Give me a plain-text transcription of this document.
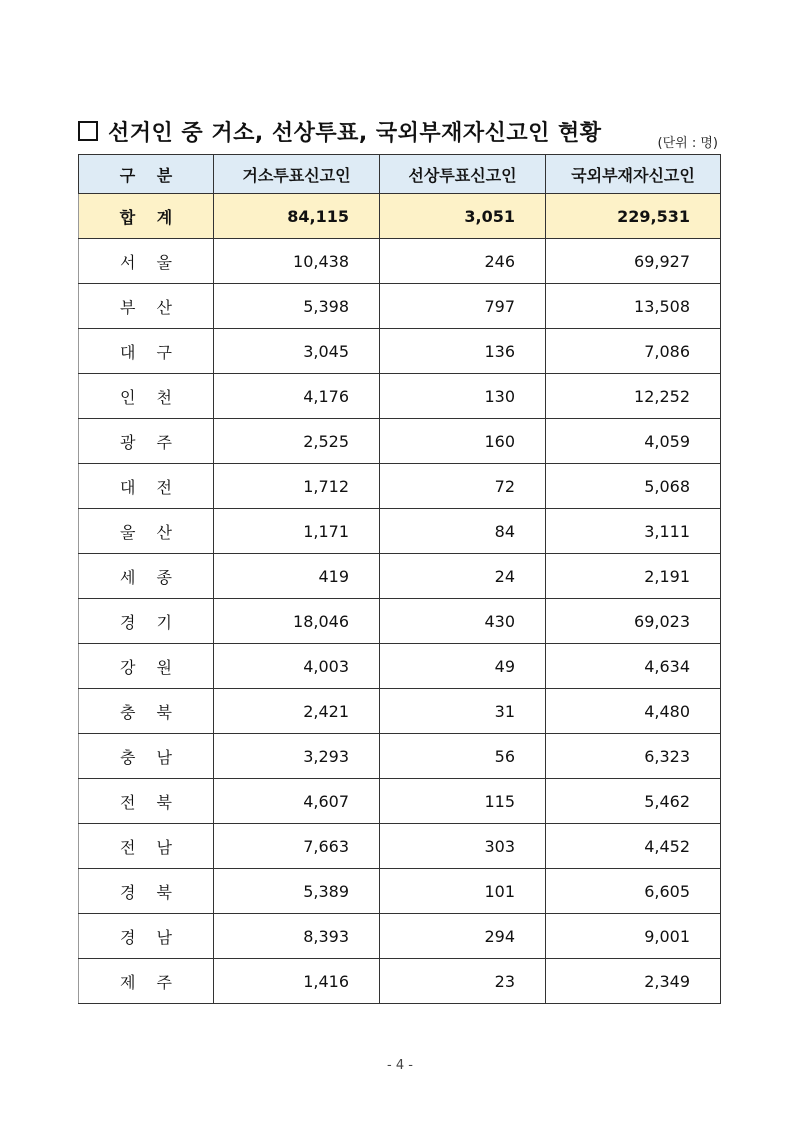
선거인 중 거소, 선상투표, 국외부재자신고인 현황	(단위 : 명)
구 분	거소투표신고인	선상투표신고인	국외부재자신고인
합 계	84,115	3,051	229,531
서 울	10,438	246	69,927
부 산	5,398	797	13,508
대 구	3,045	136	7,086
인 천	4,176	130	12,252
광 주	2,525	160	4,059
대 전	1,712	72	5,068
울 산	1,171	84	3,111
세 종	419	24	2,191
경 기	18,046	430	69,023
강 원	4,003	49	4,634
충 북	2,421	31	4,480
충 남	3,293	56	6,323
전 북	4,607	115	5,462
전 남	7,663	303	4,452
경 북	5,389	101	6,605
경 남	8,393	294	9,001
제 주	1,416	23	2,349
- 4 -
